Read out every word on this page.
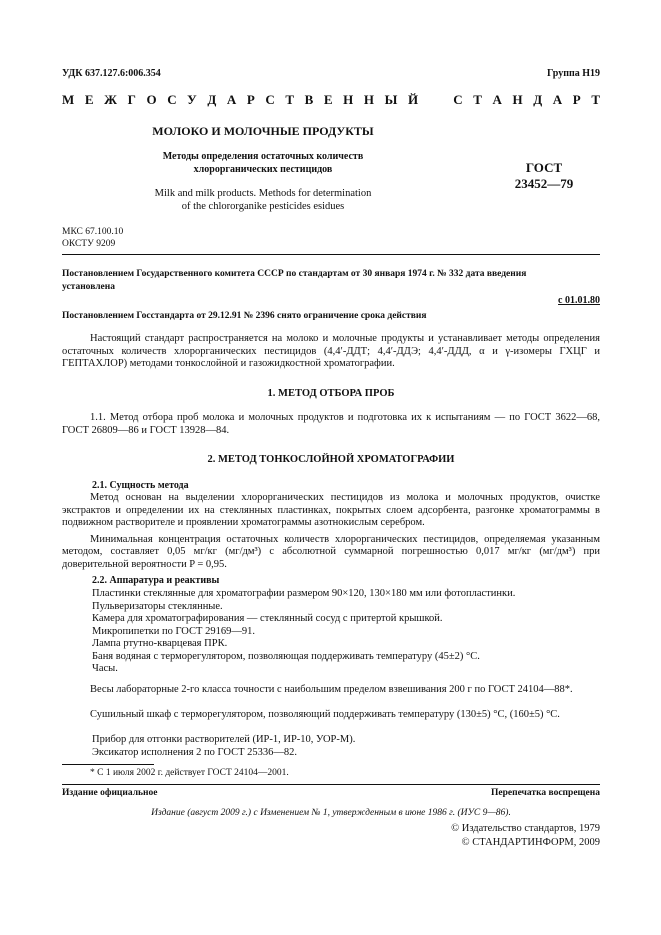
УДК 637.127.6:006.354	Группа Н19
М Е Ж Г О С У Д А Р С Т В Е Н Н Ы Й	С Т А Н Д А Р Т

МОЛОКО И МОЛОЧНЫЕ ПРОДУКТЫ

Методы определения остаточных количеств
хлорорганических пестицидов
Milk and milk products. Methods for determination
of the chlororganike pesticides esidues
ГОСТ
23452—79
МКС 67.100.10
ОКСТУ 9209
Постановлением Государственного комитета СССР по стандартам от 30 января 1974 г. № 332 дата введения
установлена
с 01.01.80
Постановлением Госстандарта от 29.12.91 № 2396 снято ограничение срока действия

Настоящий стандарт распространяется на молоко и молочные продукты и устанавливает методы определения остаточных количеств хлорорганических пестицидов (4,4′-ДДТ; 4,4′-ДДЭ; 4,4′-ДДД, α и γ-изомеры ГХЦГ и ГЕПТАХЛОР) методами тонкослойной и газожидкостной хроматографии.

1. МЕТОД ОТБОРА ПРОБ

1.1. Метод отбора проб молока и молочных продуктов и подготовка их к испытаниям — по ГОСТ 3622—68, ГОСТ 26809—86 и ГОСТ 13928—84.

2. МЕТОД ТОНКОСЛОЙНОЙ ХРОМАТОГРАФИИ

2.1. Сущность метода

Метод основан на выделении хлорорганических пестицидов из молока и молочных продуктов, очистке экстрактов и определении их на стеклянных пластинках, покрытых слоем адсорбента, разгонке хроматограммы в подвижном растворителе и проявлении хроматограммы азотнокислым серебром.

Минимальная концентрация остаточных количеств хлорорганических пестицидов, определяемая указанным методом, составляет 0,05 мг/кг (мг/дм³) с абсолютной суммарной погрешностью 0,017 мг/кг (мг/дм³) при доверительной вероятности P = 0,95.

2.2. Аппаратура и реактивы

Пластинки стеклянные для хроматографии размером 90×120, 130×180 мм или фотопластинки.
Пульверизаторы стеклянные.
Камера для хроматографирования — стеклянный сосуд с притертой крышкой.
Микропипетки по ГОСТ 29169—91.
Лампа ртутно-кварцевая ПРК.
Баня водяная с терморегулятором, позволяющая поддерживать температуру (45±2) °С.
Часы.

Весы лабораторные 2-го класса точности с наибольшим пределом взвешивания 200 г по ГОСТ 24104—88*.

Сушильный шкаф с терморегулятором, позволяющий поддерживать температуру (130±5) °С, (160±5) °С.

Прибор для отгонки растворителей (ИР-1, ИР-10, УОР-М).
Эксикатор исполнения 2 по ГОСТ 25336—82.

* С 1 июля 2002 г. действует ГОСТ 24104—2001.

Издание официальное	Перепечатка воспрещена

Издание (август 2009 г.) с Изменением № 1, утвержденным в июне 1986 г. (ИУС 9—86).

© Издательство стандартов, 1979

© СТАНДАРТИНФОРМ, 2009
